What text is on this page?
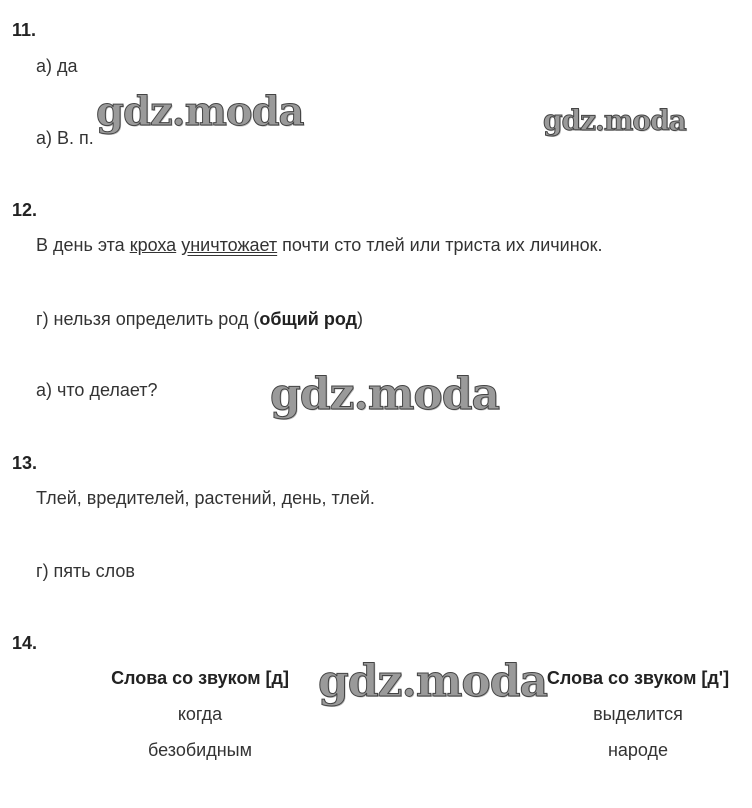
11.
а) да
а) В. п.
12.
В день эта кроха уничтожает почти сто тлей или триста их личинок.
г) нельзя определить род (общий род)
а) что делает?
13.
Тлей, вредителей, растений, день, тлей.
г) пять слов
14.
Слова со звуком [д]	Слова со звуком [д']
когда	выделится
безобидным	народе
gdz.moda	gdz.moda
gdz.moda
gdz.moda
